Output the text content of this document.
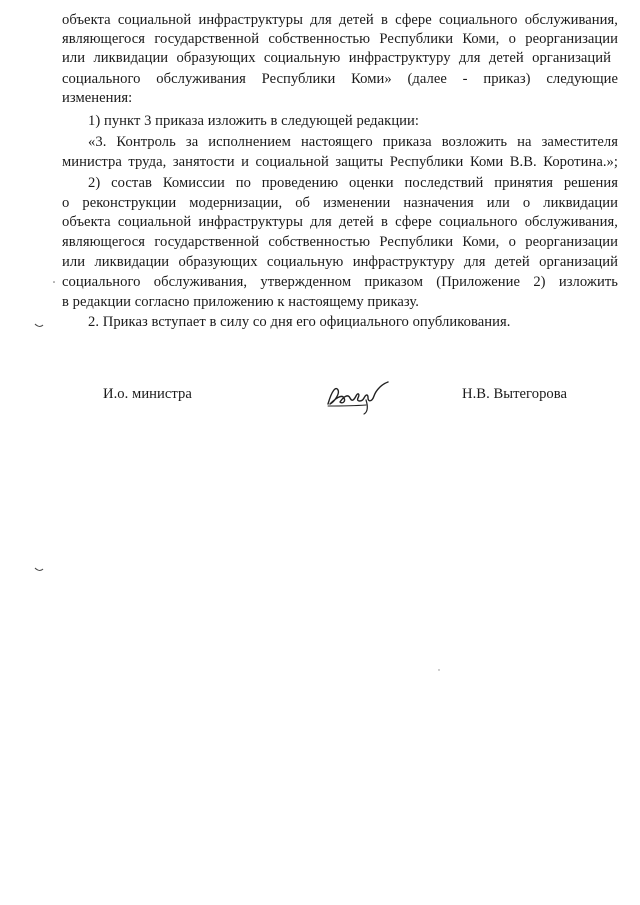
объекта социальной инфраструктуры для детей в сфере социального обслуживания,

являющегося государственной собственностью Республики Коми, о реорганизации

или ликвидации образующих социальную инфраструктуру для детей организаций

социального обслуживания Республики Коми» (далее - приказ) следующие

изменения:

1) пункт 3 приказа изложить в следующей редакции:

«3. Контроль за исполнением настоящего приказа возложить на заместителя

министра труда, занятости и социальной защиты Республики Коми В.В. Коротина.»;

2) состав Комиссии по проведению оценки последствий принятия решения

о реконструкции модернизации, об изменении назначения или о ликвидации

объекта социальной инфраструктуры для детей в сфере социального обслуживания,

являющегося государственной собственностью Республики Коми, о реорганизации

или ликвидации образующих социальную инфраструктуру для детей организаций

социального обслуживания, утвержденном приказом (Приложение 2) изложить

в редакции согласно приложению к настоящему приказу.

2. Приказ вступает в силу со дня его официального опубликования.

И.о. министра	Н.В. Вытегорова
